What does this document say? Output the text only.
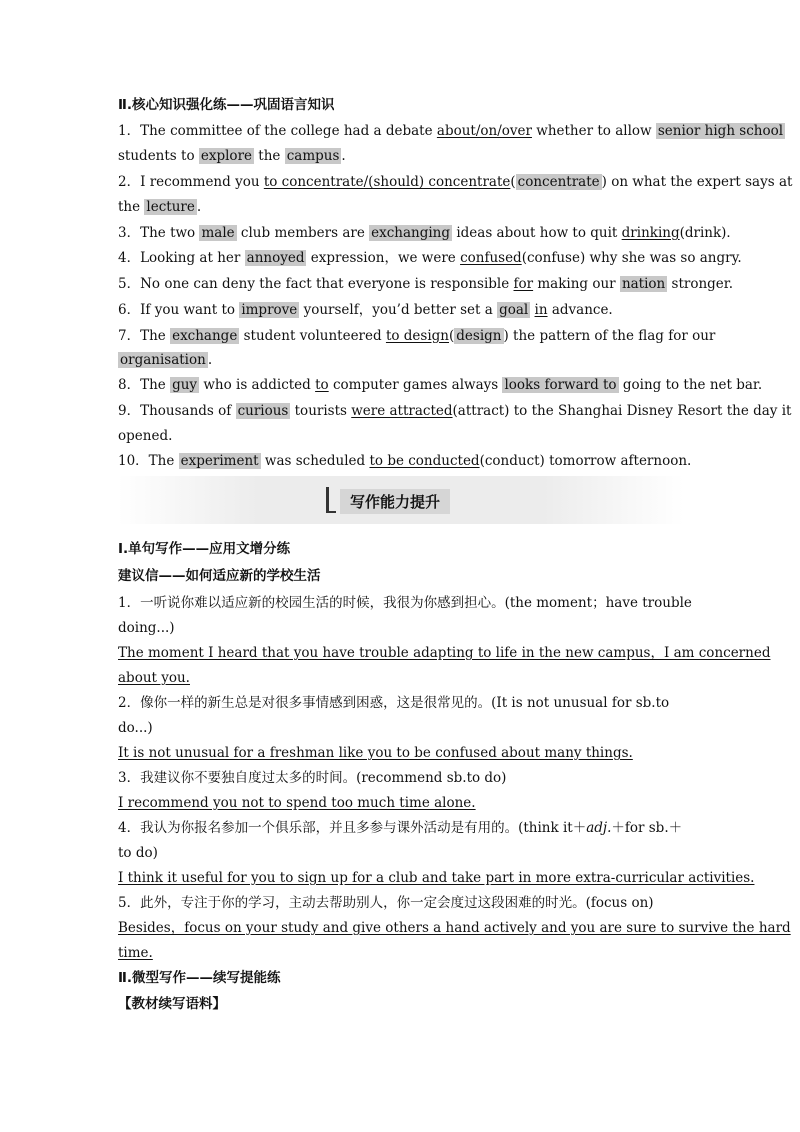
Ⅱ.核心知识强化练——巩固语言知识
1．The committee of the college had a debate about/on/over whether to allow senior high school
students to explore the campus .
2．I recommend you to concentrate/(should) concentrate( concentrate ) on what the expert says at
the lecture .
3．The two male club members are exchanging ideas about how to quit drinking(drink)．
4．Looking at her annoyed expression，we were confused(confuse) why she was so angry.
5．No one can deny the fact that everyone is responsible for making our nation stronger.
6．If you want to improve yourself，you’d better set a goal in advance.
7．The exchange student volunteered to design( design ) the pattern of the flag for our
organisation .
8．The guy who is addicted to computer games always looks forward to going to the net bar.
9．Thousands of curious tourists were attracted(attract) to the Shanghai Disney Resort the day it
opened.
10．The experiment was scheduled to be conducted(conduct) tomorrow afternoon.
写作能力提升
Ⅰ.单句写作——应用文增分练
建议信——如何适应新的学校生活
1．一听说你难以适应新的校园生活的时候，我很为你感到担心。(the moment；have trouble
doing...)
The moment I heard that you have trouble adapting to life in the new campus，I am concerned
about you.
2．像你一样的新生总是对很多事情感到困惑，这是很常见的。(It is not unusual for sb.to
do...)
It is not unusual for a freshman like you to be confused about many things.
3．我建议你不要独自度过太多的时间。(recommend sb.to do)
I recommend you not to spend too much time alone.
4．我认为你报名参加一个俱乐部，并且多参与课外活动是有用的。(think it＋adj.＋for sb.＋
to do)
I think it useful for you to sign up for a club and take part in more extra-curricular activities.
5．此外，专注于你的学习，主动去帮助别人，你一定会度过这段困难的时光。(focus on)
Besides，focus on your study and give others a hand actively and you are sure to survive the hard
time.
Ⅱ.微型写作——续写提能练
【教材续写语料】
